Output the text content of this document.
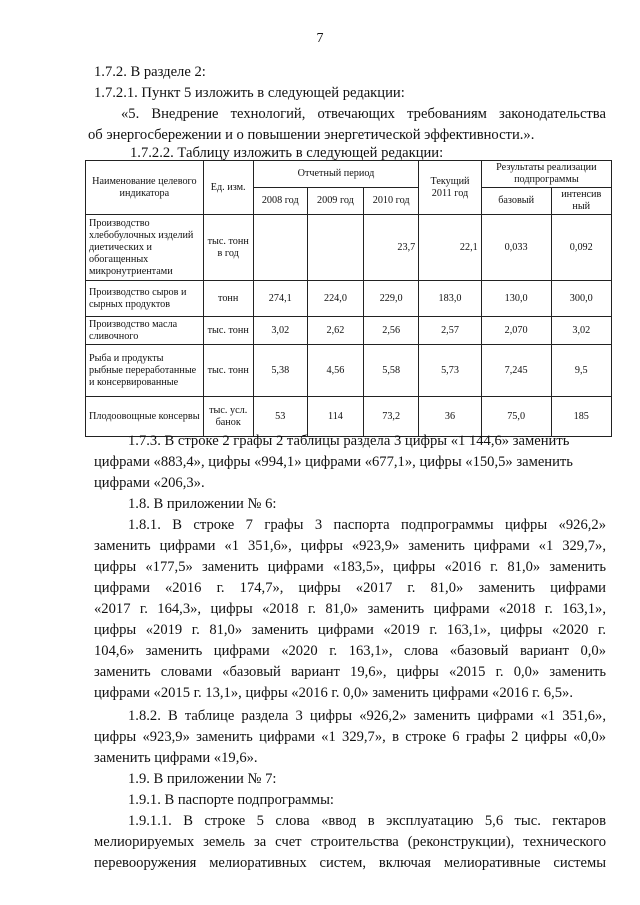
7

1.7.2. В разделе 2:

1.7.2.1. Пункт 5 изложить в следующей редакции:

«5. Внедрение технологий, отвечающих требованиям законодательства

об энергосбережении и о повышении энергетической эффективности.».

1.7.2.2. Таблицу изложить в следующей редакции:

Наименование целевого индикатора	Ед. изм.	Отчетный период			Текущий 2011 год	Результаты реализации подпрограммы	
		2008 год	2009 год	2010 год		базовый	интенсив ный
Производство хлебобулочных изделий диетических и обогащенных микронутриентами	тыс. тонн в год			23,7	22,1	0,033	0,092
Производство сыров и сырных продуктов	тонн	274,1	224,0	229,0	183,0	130,0	300,0
Производство масла сливочного	тыс. тонн	3,02	2,62	2,56	2,57	2,070	3,02
Рыба и продукты рыбные переработанные и консервированные	тыс. тонн	5,38	4,56	5,58	5,73	7,245	9,5
Плодоовощные консервы	тыс. усл. банок	53	114	73,2	36	75,0	185

1.7.3. В строке 2 графы 2 таблицы раздела 3 цифры «1 144,6» заменить

цифрами «883,4», цифры «994,1» цифрами «677,1», цифры «150,5» заменить

цифрами «206,3».

1.8. В приложении № 6:

1.8.1. В строке 7 графы 3 паспорта подпрограммы цифры «926,2»

заменить цифрами «1 351,6», цифры «923,9» заменить цифрами «1 329,7»,

цифры «177,5» заменить цифрами «183,5», цифры «2016 г. 81,0» заменить

цифрами «2016 г. 174,7», цифры «2017 г. 81,0» заменить цифрами

«2017 г. 164,3», цифры «2018 г. 81,0» заменить цифрами «2018 г. 163,1»,

цифры «2019 г. 81,0» заменить цифрами «2019 г. 163,1», цифры «2020 г.

104,6» заменить цифрами «2020 г. 163,1», слова «базовый вариант 0,0»

заменить словами «базовый вариант 19,6», цифры «2015 г. 0,0» заменить

цифрами «2015 г. 13,1», цифры «2016 г. 0,0» заменить цифрами «2016 г. 6,5».

1.8.2. В таблице раздела 3 цифры «926,2» заменить цифрами «1 351,6»,

цифры «923,9» заменить цифрами «1 329,7», в строке 6 графы 2 цифры «0,0»

заменить цифрами «19,6».

1.9. В приложении № 7:

1.9.1. В паспорте подпрограммы:

1.9.1.1. В строке 5 слова «ввод в эксплуатацию 5,6 тыс. гектаров

мелиорируемых земель за счет строительства (реконструкции), технического

перевооружения мелиоративных систем, включая мелиоративные системы
